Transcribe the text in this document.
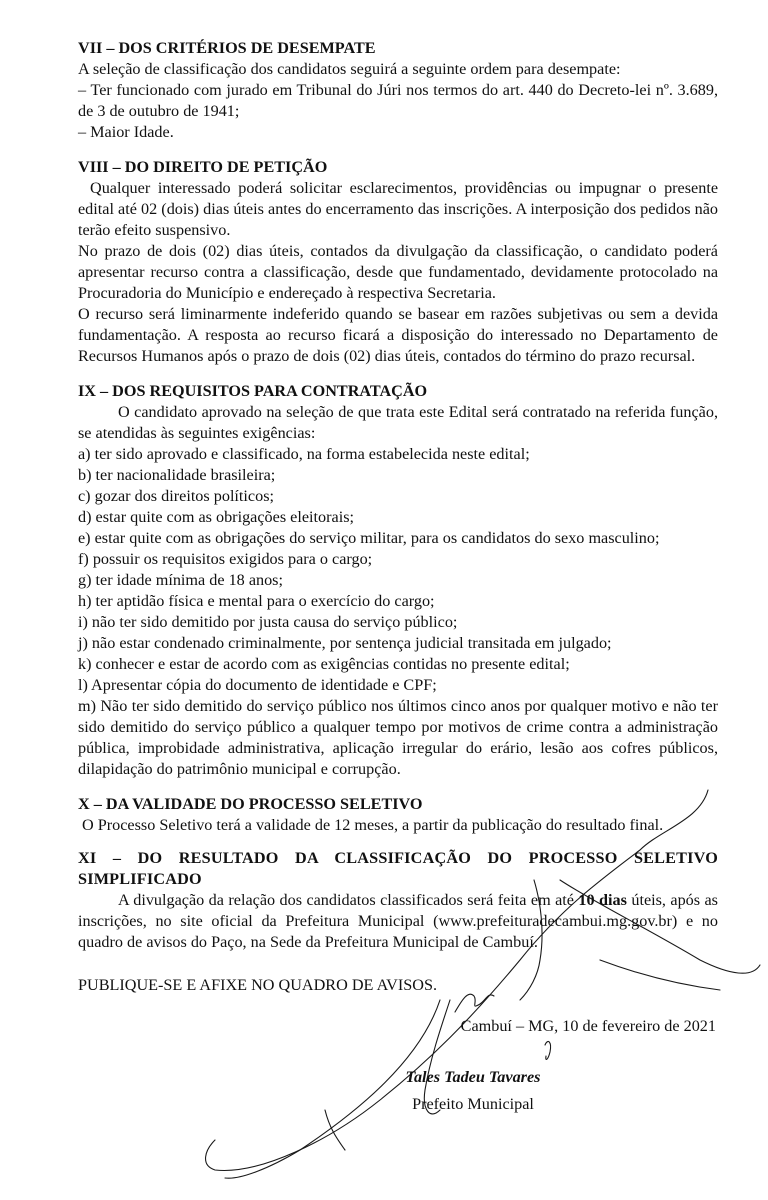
VII – DOS CRITÉRIOS DE DESEMPATE

A seleção de classificação dos candidatos seguirá a seguinte ordem para desempate:

– Ter funcionado com jurado em Tribunal do Júri nos termos do art. 440 do Decreto-lei nº. 3.689, de 3 de outubro de 1941;

– Maior Idade.

VIII – DO DIREITO DE PETIÇÃO

Qualquer interessado poderá solicitar esclarecimentos, providências ou impugnar o presente edital até 02 (dois) dias úteis antes do encerramento das inscrições. A interposição dos pedidos não terão efeito suspensivo.

No prazo de dois (02) dias úteis, contados da divulgação da classificação, o candidato poderá apresentar recurso contra a classificação, desde que fundamentado, devidamente protocolado na Procuradoria do Município e endereçado à respectiva Secretaria.

O recurso será liminarmente indeferido quando se basear em razões subjetivas ou sem a devida fundamentação. A resposta ao recurso ficará a disposição do interessado no Departamento de Recursos Humanos após o prazo de dois (02) dias úteis, contados do término do prazo recursal.

IX – DOS REQUISITOS PARA CONTRATAÇÃO

O candidato aprovado na seleção de que trata este Edital será contratado na referida função, se atendidas às seguintes exigências:

a) ter sido aprovado e classificado, na forma estabelecida neste edital;

b) ter nacionalidade brasileira;

c) gozar dos direitos políticos;

d) estar quite com as obrigações eleitorais;

e) estar quite com as obrigações do serviço militar, para os candidatos do sexo masculino;

f) possuir os requisitos exigidos para o cargo;

g) ter idade mínima de 18 anos;

h) ter aptidão física e mental para o exercício do cargo;

i) não ter sido demitido por justa causa do serviço público;

j) não estar condenado criminalmente, por sentença judicial transitada em julgado;

k) conhecer e estar de acordo com as exigências contidas no presente edital;

l) Apresentar cópia do documento de identidade e CPF;

m) Não ter sido demitido do serviço público nos últimos cinco anos por qualquer motivo e não ter sido demitido do serviço público a qualquer tempo por motivos de crime contra a administração pública, improbidade administrativa, aplicação irregular do erário, lesão aos cofres públicos, dilapidação do patrimônio municipal e corrupção.

X – DA VALIDADE DO PROCESSO SELETIVO

O Processo Seletivo terá a validade de 12 meses, a partir da publicação do resultado final.

XI – DO RESULTADO DA CLASSIFICAÇÃO DO PROCESSO SELETIVO SIMPLIFICADO

A divulgação da relação dos candidatos classificados será feita em até 10 dias úteis, após as inscrições, no site oficial da Prefeitura Municipal (www.prefeituradecambui.mg.gov.br) e no quadro de avisos do Paço, na Sede da Prefeitura Municipal de Cambuí.

PUBLIQUE-SE E AFIXE NO QUADRO DE AVISOS.

Cambuí – MG, 10 de fevereiro de 2021

Tales Tadeu Tavares

Prefeito Municipal
